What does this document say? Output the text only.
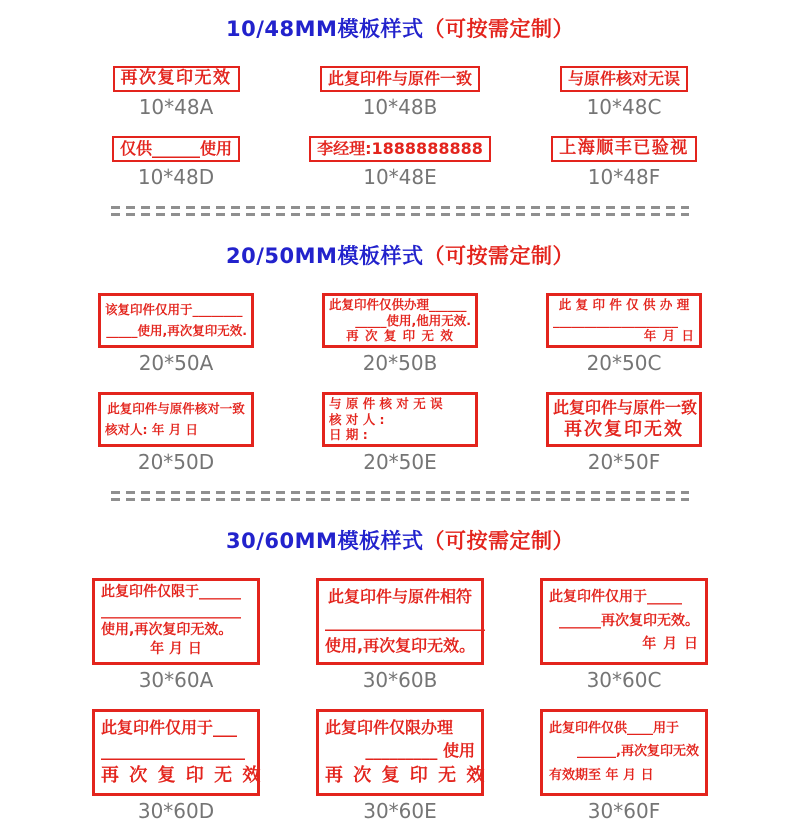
10/48MM模板样式（可按需定制）
再次复印无效
10*48A
此复印件与原件一致
10*48B
与原件核对无误
10*48C
仅供______使用
10*48D
李经理:1888888888
10*48E
上海顺丰已验视
10*48F
20/50MM模板样式（可按需定制）
该复印件仅用于________
_____使用,再次复印无效.
20*50A
此复印件仅供办理______
_____使用,他用无效.
再 次 复 印 无 效
20*50B
此 复 印 件 仅 供 办 理
____________________
年 月 日
20*50C
此复印件与原件核对一致
核对人: 年 月 日
20*50D
与 原 件 核 对 无 误
核 对 人 :
日 期 :
20*50E
此复印件与原件一致
再次复印无效
20*50F
30/60MM模板样式（可按需定制）
此复印件仅限于______
____________________
使用,再次复印无效。
年 月 日
30*60A
此复印件与原件相符
____________________
使用,再次复印无效。
30*60B
此复印件仅用于_____
______再次复印无效。
年 月 日
30*60C
此复印件仅用于___
__________________
再 次 复 印 无 效
30*60D
此复印件仅限办理
_________ 使用
再 次 复 印 无 效
30*60E
此复印件仅供____用于
______,再次复印无效
有效期至 年 月 日
30*60F
